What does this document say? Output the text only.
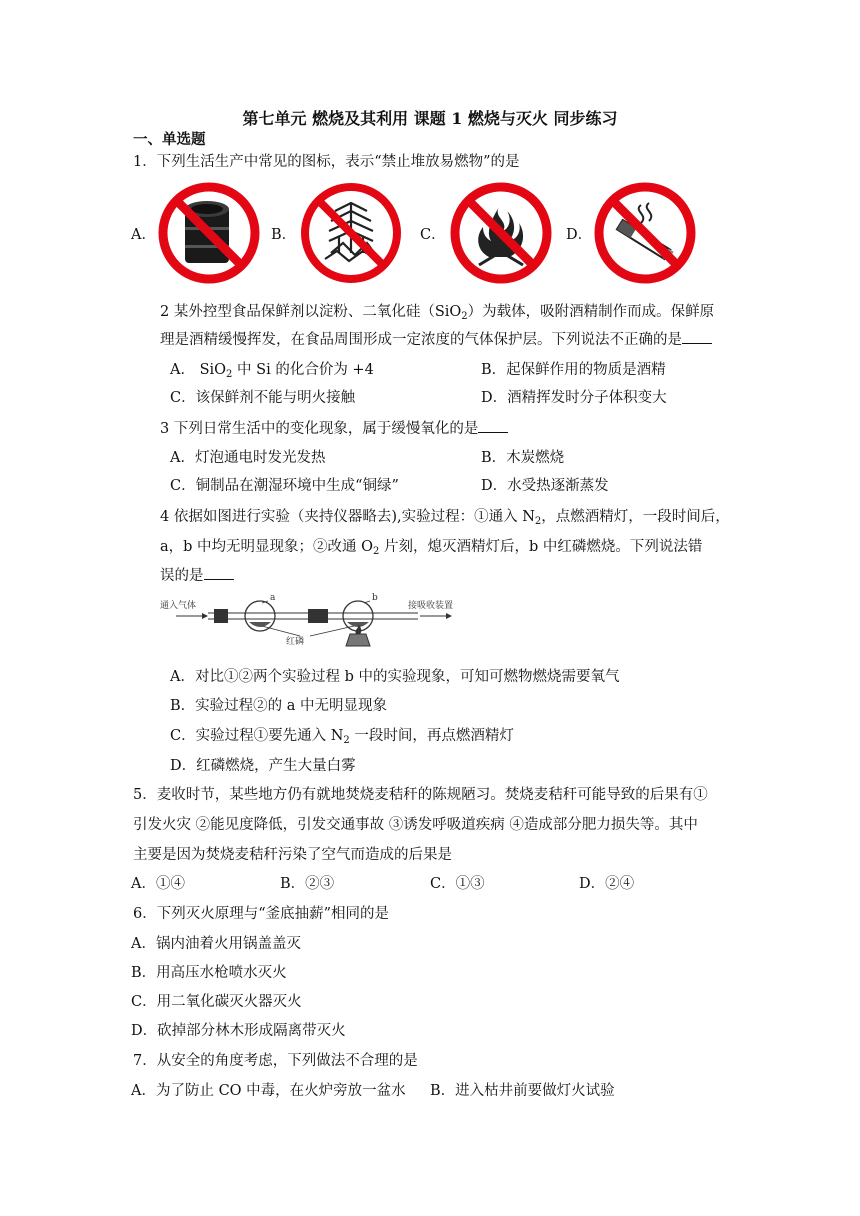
第七单元 燃烧及其利用 课题 1 燃烧与灭火 同步练习
一、单选题
1．下列生活生产中常见的图标，表示“禁止堆放易燃物”的是
A．	B．	C．	D．
2 某外控型食品保鲜剂以淀粉、二氧化硅（SiO$_2$）为载体，吸附酒精制作而成。保鲜原
理是酒精缓慢挥发，在食品周围形成一定浓度的气体保护层。下列说法不正确的是
A． SiO$_2$ 中 Si 的化合价为 +4	B．起保鲜作用的物质是酒精
C．该保鲜剂不能与明火接触	D．酒精挥发时分子体积变大
3 下列日常生活中的变化现象，属于缓慢氧化的是
A．灯泡通电时发光发热	B．木炭燃烧
C．铜制品在潮湿环境中生成“铜绿”	D．水受热逐渐蒸发
4 依据如图进行实验（夹持仪器略去),实验过程：①通入 $N_2$，点燃酒精灯，一段时间后，
a，b 中均无明显现象；②改通 $O_2$ 片刻，熄灭酒精灯后，b 中红磷燃烧。下列说法错
误的是
通入气体
a	b
红磷
接吸收装置
A．对比①②两个实验过程 b 中的实验现象，可知可燃物燃烧需要氧气
B．实验过程②的 a 中无明显现象
C．实验过程①要先通入 $N_2$ 一段时间，再点燃酒精灯
D．红磷燃烧，产生大量白雾
5．麦收时节，某些地方仍有就地焚烧麦秸秆的陈规陋习。焚烧麦秸秆可能导致的后果有①
引发火灾 ②能见度降低，引发交通事故 ③诱发呼吸道疾病 ④造成部分肥力损失等。其中
主要是因为焚烧麦秸秆污染了空气而造成的后果是
A．①④	B．②③	C．①③	D．②④
6．下列灭火原理与“釜底抽薪”相同的是
A．锅内油着火用锅盖盖灭
B．用高压水枪喷水灭火
C．用二氧化碳灭火器灭火
D．砍掉部分林木形成隔离带灭火
7．从安全的角度考虑，下列做法不合理的是
A．为了防止 CO 中毒，在火炉旁放一盆水 B．进入枯井前要做灯火试验
